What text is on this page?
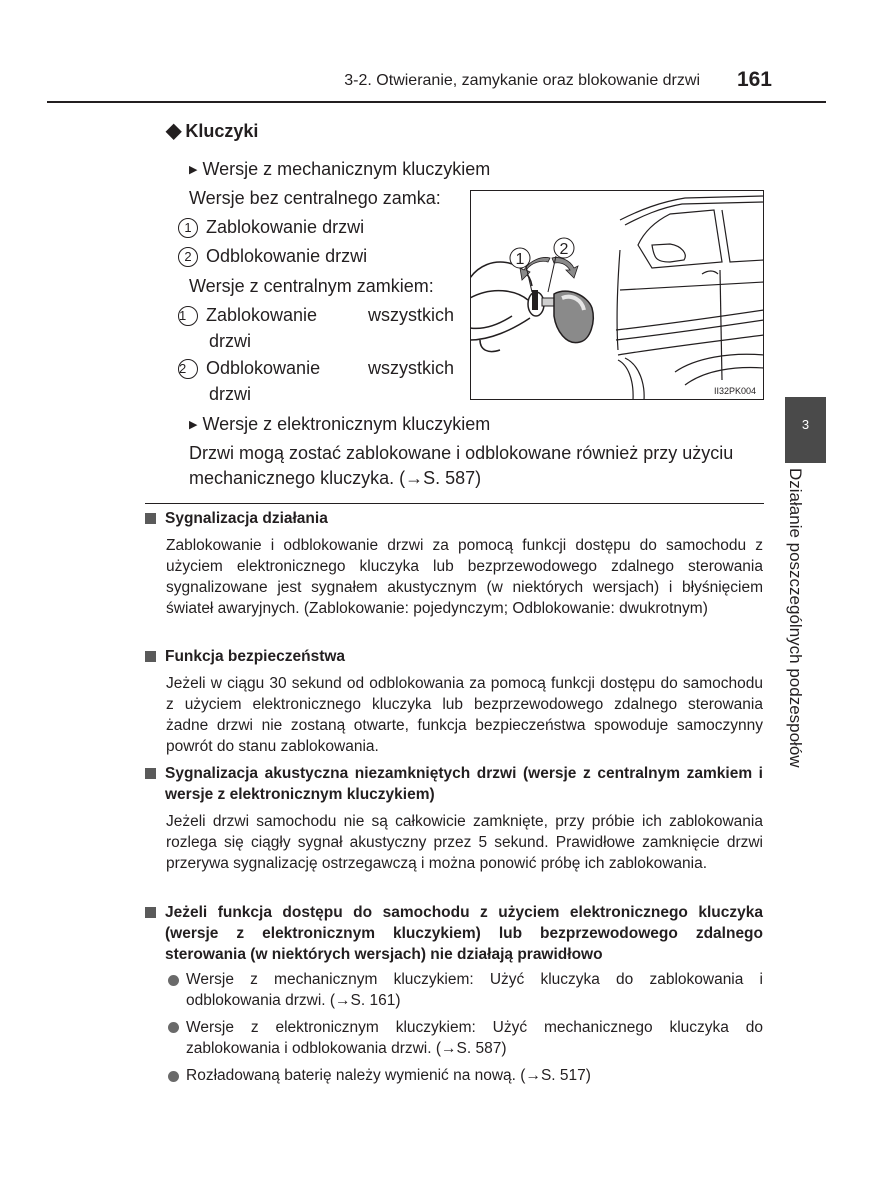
3-2. Otwieranie, zamykanie oraz blokowanie drzwi	161
◆ Kluczyki
▶ Wersje z mechanicznym kluczykiem
Wersje bez centralnego zamka:
1 Zablokowanie drzwi
2 Odblokowanie drzwi
Wersje z centralnym zamkiem:
1 Zablokowanie wszystkich
drzwi
2 Odblokowanie wszystkich
drzwi
1
2
II32PK004
▶ Wersje z elektronicznym kluczykiem
Drzwi mogą zostać zablokowane i odblokowane również przy użyciu
mechanicznego kluczyka. (→S. 587)
3
Działanie poszczególnych podzespołów
Sygnalizacja działania
Zablokowanie i odblokowanie drzwi za pomocą funkcji dostępu do samochodu z użyciem elektronicznego kluczyka lub bezprzewodowego zdalnego sterowania sygnalizowane jest sygnałem akustycznym (w niektórych wersjach) i błyśnięciem świateł awaryjnych. (Zablokowanie: pojedynczym; Odblokowanie: dwukrotnym)
Funkcja bezpieczeństwa
Jeżeli w ciągu 30 sekund od odblokowania za pomocą funkcji dostępu do samochodu z użyciem elektronicznego kluczyka lub bezprzewodowego zdalnego sterowania żadne drzwi nie zostaną otwarte, funkcja bezpieczeństwa spowoduje samoczynny powrót do stanu zablokowania.
Sygnalizacja akustyczna niezamkniętych drzwi (wersje z centralnym zamkiem i wersje z elektronicznym kluczykiem)
Jeżeli drzwi samochodu nie są całkowicie zamknięte, przy próbie ich zablokowania rozlega się ciągły sygnał akustyczny przez 5 sekund. Prawidłowe zamknięcie drzwi przerywa sygnalizację ostrzegawczą i można ponowić próbę ich zablokowania.
Jeżeli funkcja dostępu do samochodu z użyciem elektronicznego kluczyka (wersje z elektronicznym kluczykiem) lub bezprzewodowego zdalnego sterowania (w niektórych wersjach) nie działają prawidłowo
Wersje z mechanicznym kluczykiem: Użyć kluczyka do zablokowania i odblokowania drzwi. (→S. 161)
Wersje z elektronicznym kluczykiem: Użyć mechanicznego kluczyka do zablokowania i odblokowania drzwi. (→S. 587)
Rozładowaną baterię należy wymienić na nową. (→S. 517)
